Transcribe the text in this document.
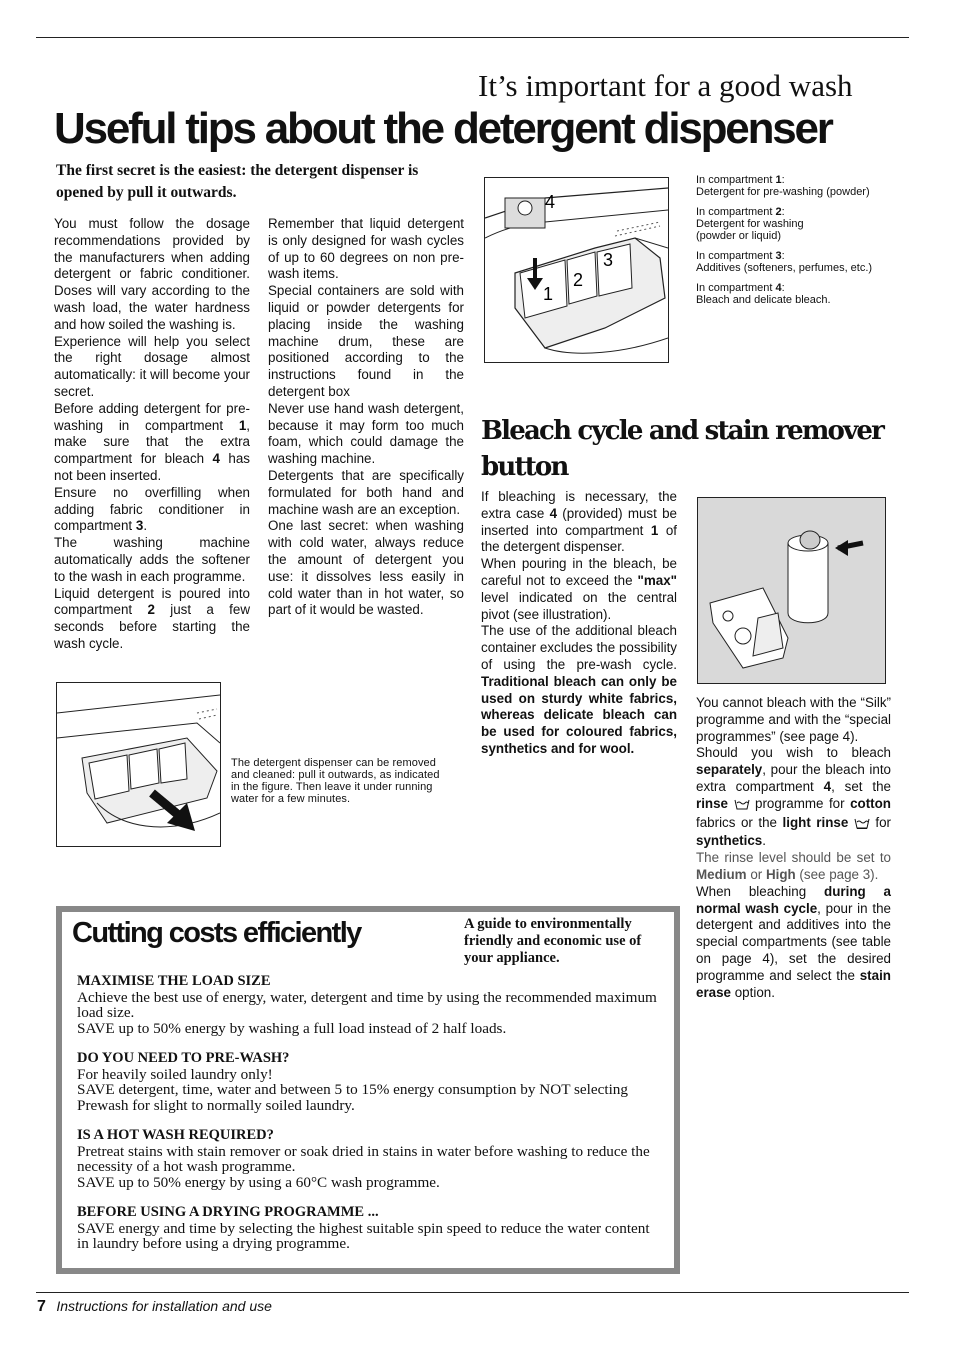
It’s important for a good wash
Useful tips about the detergent dispenser
The first secret is the easiest: the detergent dispenser is opened by pull it outwards.

You must follow the dosage recommendations provided by the manufacturers when adding detergent or fabric conditioner. Doses will vary according to the wash load, the water hardness and how soiled the washing is.

Experience will help you select the right dosage almost automatically: it will become your secret.

Before adding detergent for pre-washing in compartment 1, make sure that the extra compartment for bleach 4 has not been inserted.

Ensure no overfilling when adding fabric conditioner in compartment 3.

The washing machine automatically adds the softener to the wash in each programme.

Liquid detergent is poured into compartment 2 just a few seconds before starting the wash cycle.

Remember that liquid detergent is only designed for wash cycles of up to 60 degrees on non pre-wash items.

Special containers are sold with liquid or powder detergents for placing inside the washing machine drum, these are positioned according to the instructions found in the detergent box

Never use hand wash detergent, because it may form too much foam, which could damage the washing machine.

Detergents that are specifically formulated for both hand and machine wash are an exception.

One last secret: when washing with cold water, always reduce the amount of detergent you use: it dissolves less easily in cold water than in hot water, so part of it would be wasted.

4
1
2
3

In compartment 1:
Detergent for pre-washing (powder)

In compartment 2:
Detergent for washing
(powder or liquid)

In compartment 3:
Additives (softeners, perfumes, etc.)

In compartment 4:
Bleach and delicate bleach.

Bleach cycle and stain remover button

If bleaching is necessary, the extra case 4 (provided) must be inserted into compartment 1 of the detergent dispenser.

When pouring in the bleach, be careful not to exceed the "max" level indicated on the central pivot (see illustration).

The use of the additional bleach container excludes the possibility of using the pre-wash cycle. Traditional bleach can only be used on sturdy white fabrics, whereas delicate bleach can be used for coloured fabrics, synthetics and for wool.

You cannot bleach with the “Silk” programme and with the “special programmes” (see page 4).

Should you wish to bleach separately, pour the bleach into extra compartment 4, set the rinse  programme for cotton fabrics or the light rinse  for synthetics.

The rinse level should be set to Medium or High (see page 3).

When bleaching during a normal wash cycle, pour in the detergent and additives into the special compartments (see table on page 4), set the desired programme and select the stain erase option.

The detergent dispenser can be removed and cleaned: pull it outwards, as indicated in the figure. Then leave it under running water for a few minutes.
Cutting costs efficiently	A guide to environmentally friendly and economic use of your appliance.

MAXIMISE THE LOAD SIZE
Achieve the best use of energy, water, detergent and time by using the recommended maximum load size.
SAVE up to 50% energy by washing a full load instead of 2 half loads.

DO YOU NEED TO PRE-WASH?
For heavily soiled laundry only!
SAVE detergent, time, water and between 5 to 15% energy consumption by NOT selecting Prewash for slight to normally soiled laundry.

IS A HOT WASH REQUIRED?
Pretreat stains with stain remover or soak dried in stains in water before washing to reduce the necessity of a hot wash programme.
SAVE up to 50% energy by using a 60°C wash programme.

BEFORE USING A DRYING PROGRAMME ...
SAVE energy and time by selecting the highest suitable spin speed to reduce the water content in laundry before using a drying programme.

7 Instructions for installation and use
